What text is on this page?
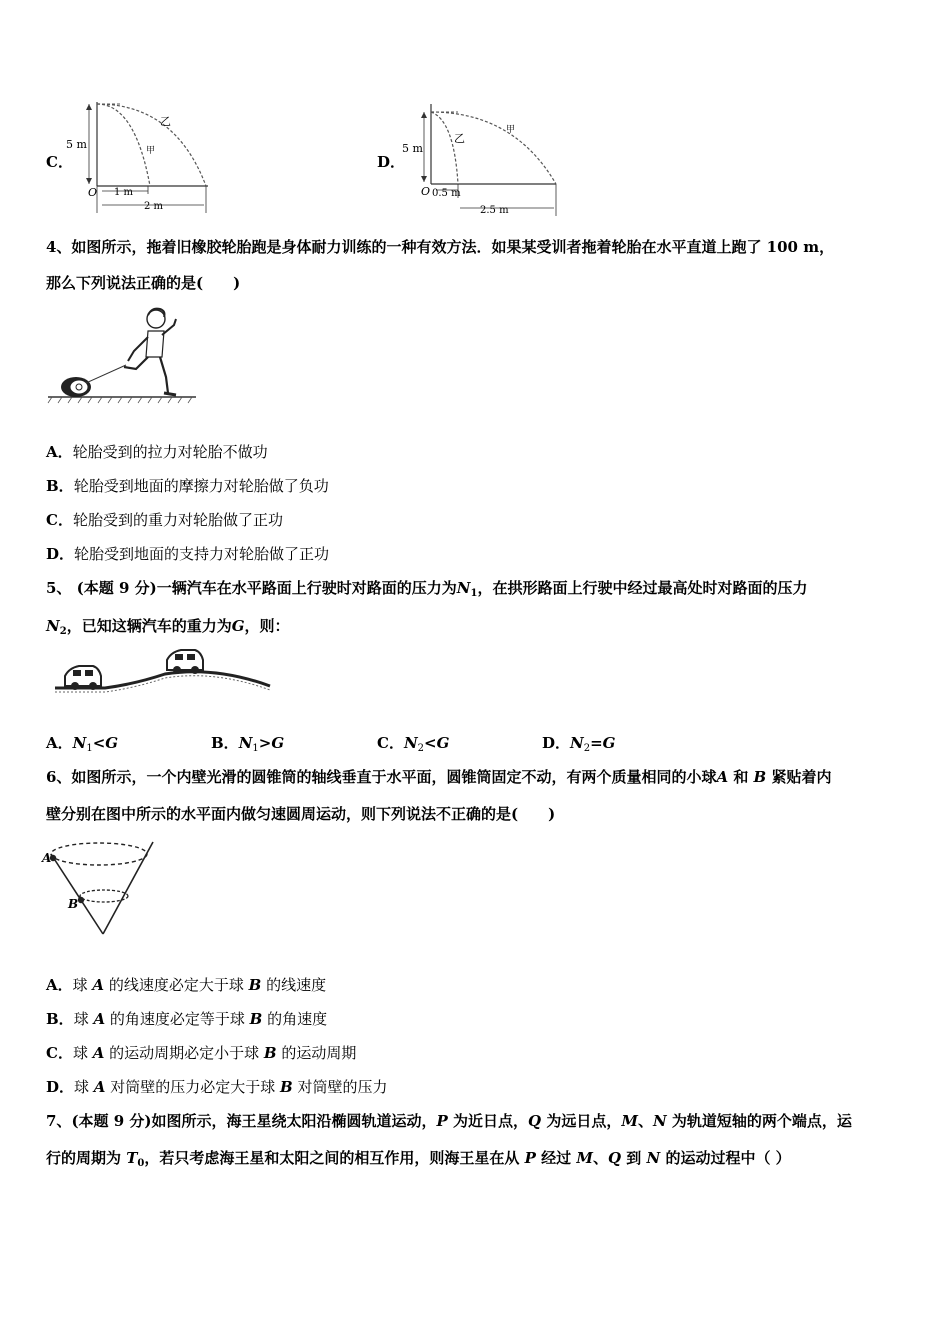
C．
5 m
O 1 m
2 m
乙
甲
D．
5 m
O 0.5 m
2.5 m
乙
甲
4、如图所示，拖着旧橡胶轮胎跑是身体耐力训练的一种有效方法．如果某受训者拖着轮胎在水平直道上跑了 100 m，
那么下列说法正确的是(　　)
A．轮胎受到的拉力对轮胎不做功
B．轮胎受到地面的摩擦力对轮胎做了负功
C．轮胎受到的重力对轮胎做了正功
D．轮胎受到地面的支持力对轮胎做了正功
5、 (本题 9 分)一辆汽车在水平路面上行驶时对路面的压力为$N_1$，在拱形路面上行驶中经过最高处时对路面的压力
$N_2$，已知这辆汽车的重力为G，则：
A．$N_1<G$	B．$N_1>G$	C．$N_2<G$	D．$N_2=G$
6、如图所示，一个内壁光滑的圆锥筒的轴线垂直于水平面，圆锥筒固定不动，有两个质量相同的小球A 和 B 紧贴着内
壁分别在图中所示的水平面内做匀速圆周运动，则下列说法不正确的是(　　)
A
B
A．球 A 的线速度必定大于球 B 的线速度
B．球 A 的角速度必定等于球 B 的角速度
C．球 A 的运动周期必定小于球 B 的运动周期
D．球 A 对筒壁的压力必定大于球 B 对筒壁的压力
7、(本题 9 分)如图所示，海王星绕太阳沿椭圆轨道运动，P 为近日点，Q 为远日点，M、N 为轨道短轴的两个端点，运
行的周期为 $T_0$，若只考虑海王星和太阳之间的相互作用，则海王星在从 P 经过 M、Q 到 N 的运动过程中（ ）
